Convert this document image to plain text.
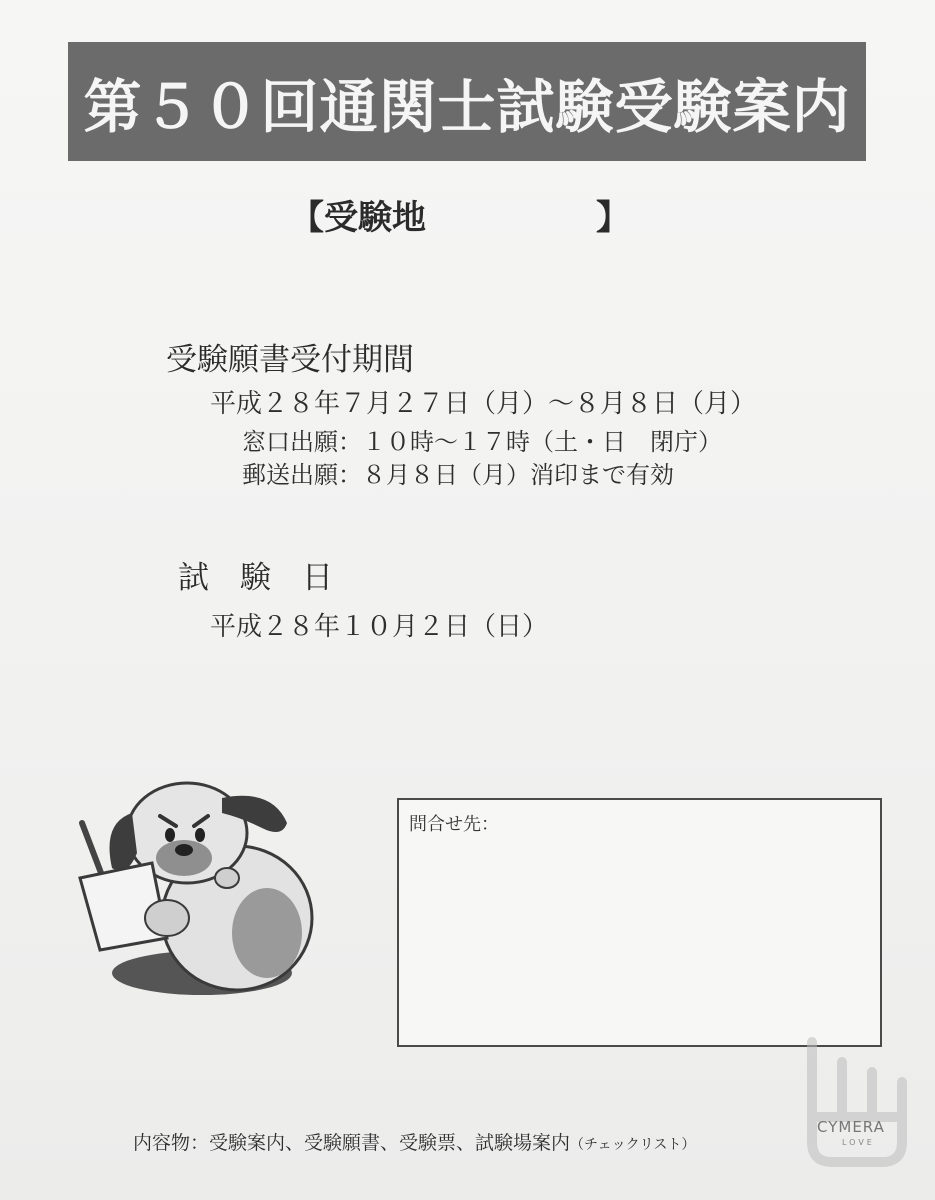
第５０回通関士試験受験案内
【 受験地	】
受験願書受付期間
平成２８年７月２７日（月）～８月８日（月）
窓口出願：１０時～１７時（土・日　閉庁）
郵送出願：８月８日（月）消印まで有効
試　験　日
平成２８年１０月２日（日）
問合せ先：
内容物：受験案内、受験願書、受験票、試験場案内（チェックリスト）
CYMERA
LOVE
